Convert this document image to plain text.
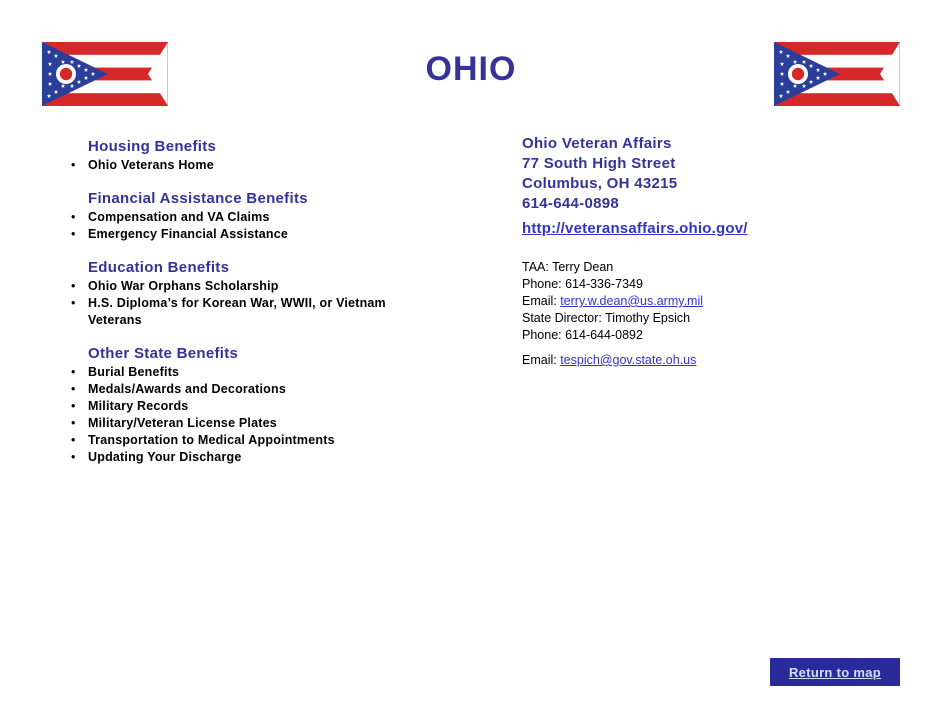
OHIO
Housing Benefits
• Ohio Veterans Home
Financial Assistance Benefits
• Compensation and VA Claims
• Emergency Financial Assistance
Education Benefits
• Ohio War Orphans Scholarship
• H.S. Diploma’s for Korean War, WWII, or Vietnam Veterans
Other State Benefits
• Burial Benefits
• Medals/Awards and Decorations
• Military Records
• Military/Veteran License Plates
• Transportation to Medical Appointments
• Updating Your Discharge
Ohio Veteran Affairs
77 South High Street
Columbus, OH 43215
614-644-0898
http://veteransaffairs.ohio.gov/
TAA: Terry Dean
Phone: 614-336-7349
Email: terry.w.dean@us.army.mil
State Director: Timothy Epsich
Phone: 614-644-0892
Email: tespich@gov.state.oh.us
Return to map
